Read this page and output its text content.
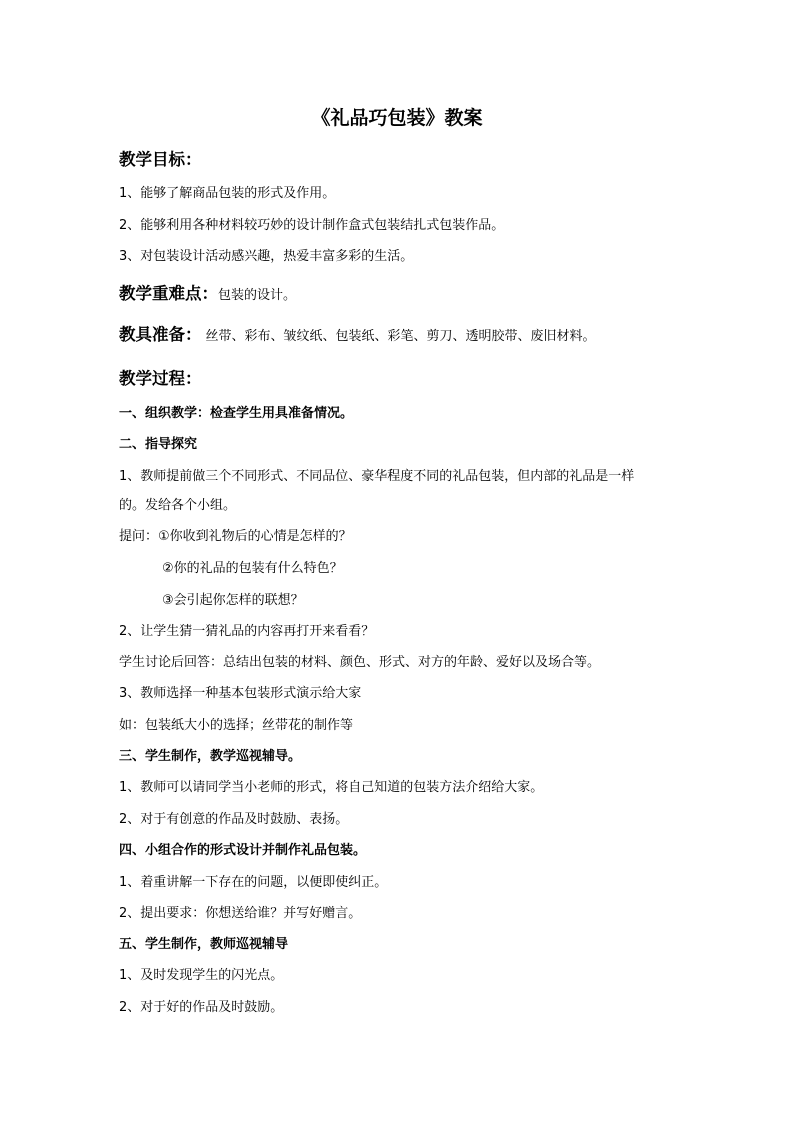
《礼品巧包装》教案
教学目标：
1、能够了解商品包装的形式及作用。
2、能够利用各种材料较巧妙的设计制作盒式包装结扎式包装作品。
3、对包装设计活动感兴趣，热爱丰富多彩的生活。
教学重难点：包装的设计。
教具准备： 丝带、彩布、皱纹纸、包装纸、彩笔、剪刀、透明胶带、废旧材料。
教学过程：
一、组织教学：检查学生用具准备情况。
二、指导探究
1、教师提前做三个不同形式、不同品位、豪华程度不同的礼品包装，但内部的礼品是一样
的。发给各个小组。
提问：①你收到礼物后的心情是怎样的？
②你的礼品的包装有什么特色？
③会引起你怎样的联想？
2、让学生猜一猜礼品的内容再打开来看看？
学生讨论后回答：总结出包装的材料、颜色、形式、对方的年龄、爱好以及场合等。
3、教师选择一种基本包装形式演示给大家
如：包装纸大小的选择；丝带花的制作等
三、学生制作，教学巡视辅导。
1、教师可以请同学当小老师的形式，将自己知道的包装方法介绍给大家。
2、对于有创意的作品及时鼓励、表扬。
四、小组合作的形式设计并制作礼品包装。
1、着重讲解一下存在的问题，以便即使纠正。
2、提出要求：你想送给谁？并写好赠言。
五、学生制作，教师巡视辅导
1、及时发现学生的闪光点。
2、对于好的作品及时鼓励。
